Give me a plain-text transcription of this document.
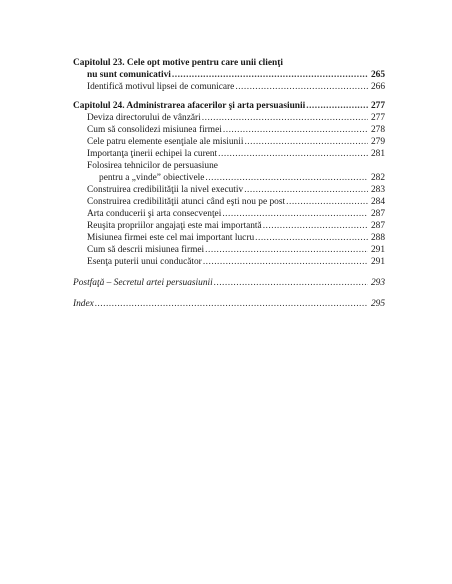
Capitolul 23. Cele opt motive pentru care unii clienţi
nu sunt comunicativi .....	265
Identifică motivul lipsei de comunicare .....	266
Capitolul 24. Administrarea afacerilor şi arta persuasiunii .....	277
Deviza directorului de vânzări .....	277
Cum să consolidezi misiunea firmei .....	278
Cele patru elemente esenţiale ale misiunii .....	279
Importanţa ţinerii echipei la curent .....	281
Folosirea tehnicilor de persuasiune
pentru a „vinde” obiectivele .....	282
Construirea credibilităţii la nivel executiv .....	283
Construirea credibilităţii atunci când eşti nou pe post .....	284
Arta conducerii şi arta consecvenţei .....	287
Reuşita propriilor angajaţi este mai importantă .....	287
Misiunea firmei este cel mai important lucru .....	288
Cum să descrii misiunea firmei .....	291
Esenţa puterii unui conducător .....	291
Postfaţă – Secretul artei persuasiunii .....	293
Index .....	295
